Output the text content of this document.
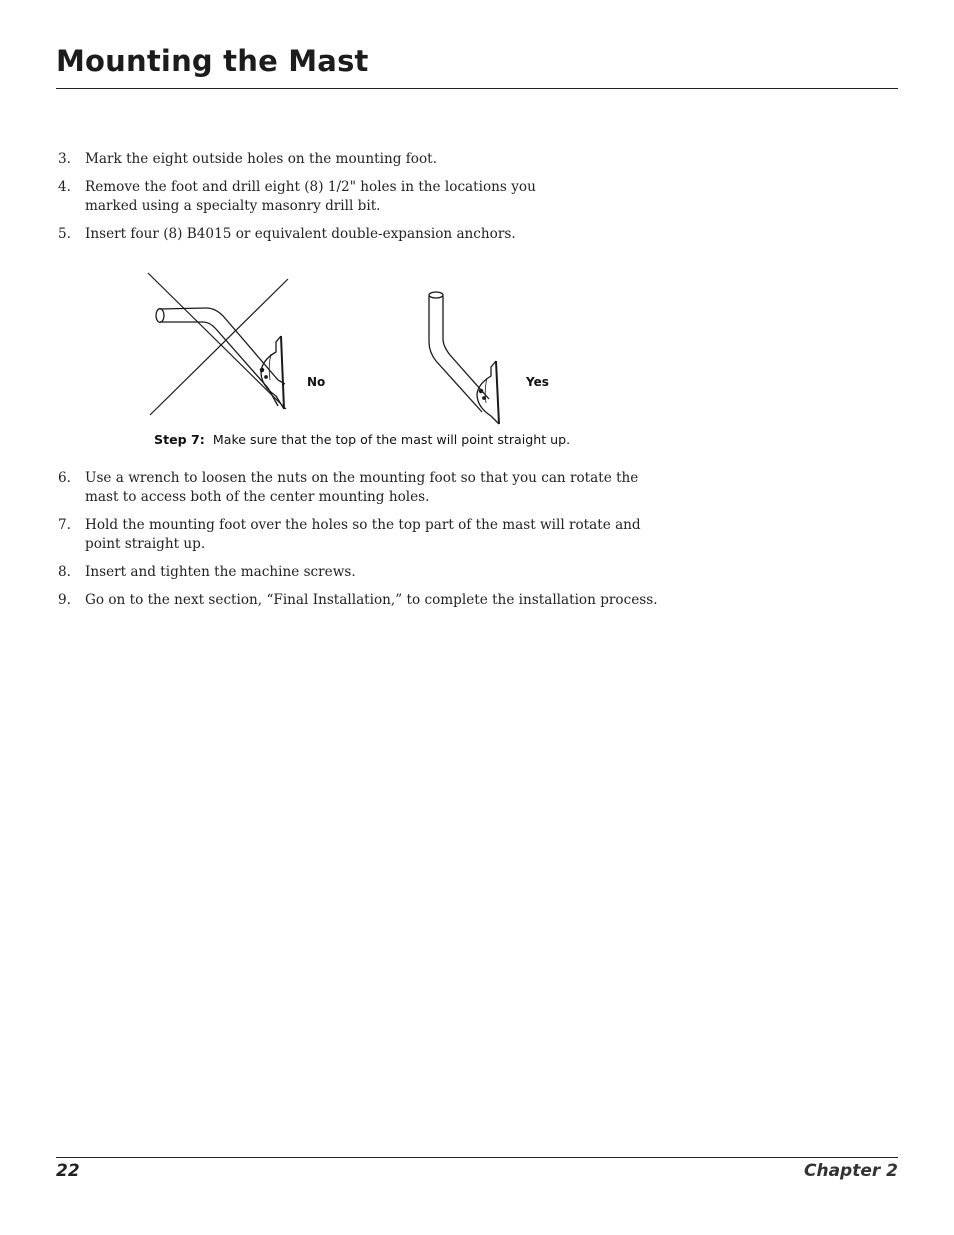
Mounting the Mast
3. Mark the eight outside holes on the mounting foot.
4. Remove the foot and drill eight (8) 1/2" holes in the locations you marked using a specialty masonry drill bit.
5. Insert four (8) B4015 or equivalent double-expansion anchors.
No	Yes
Step 7: Make sure that the top of the mast will point straight up.
6. Use a wrench to loosen the nuts on the mounting foot so that you can rotate the mast to access both of the center mounting holes.
7. Hold the mounting foot over the holes so the top part of the mast will rotate and point straight up.
8. Insert and tighten the machine screws.
9. Go on to the next section, “Final Installation,” to complete the installation process.
22	Chapter 2
